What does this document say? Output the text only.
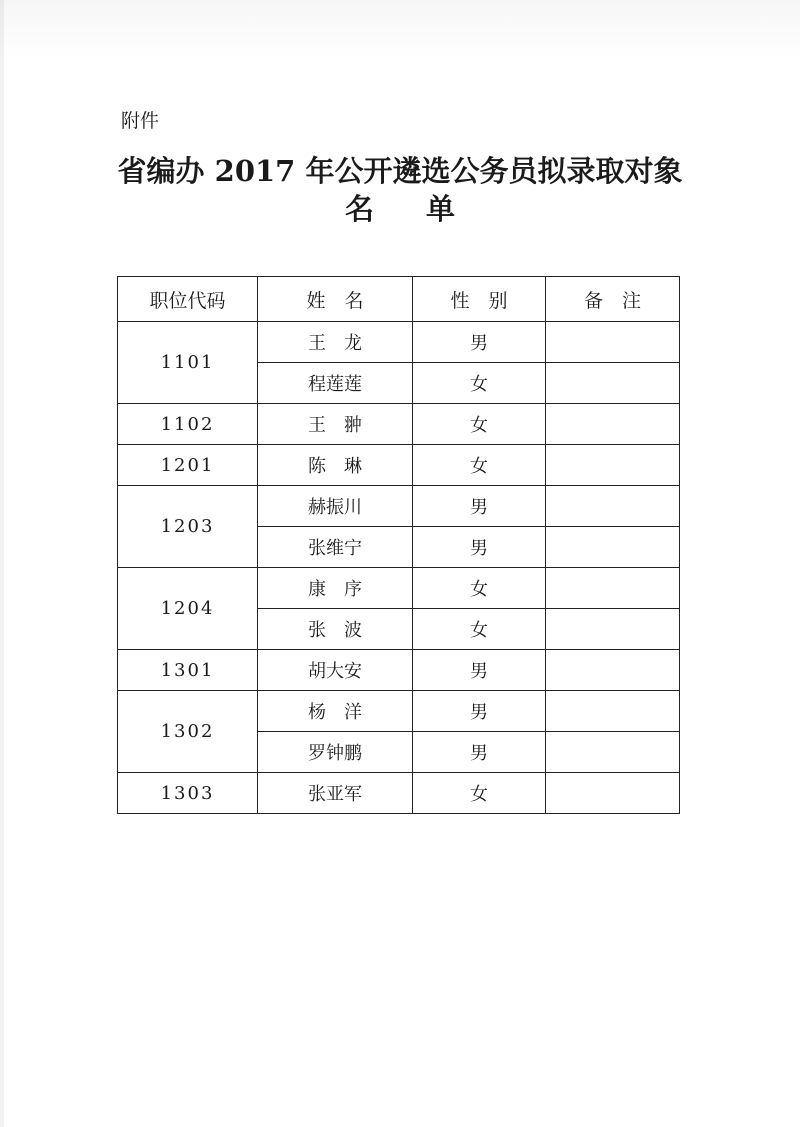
附件
省编办 2017 年公开遴选公务员拟录取对象
名单
职位代码	姓　名	性　别	备　注
1101	王　龙	男	
	程莲莲	女	
1102	王　翀	女	
1201	陈　琳	女	
1203	赫振川	男	
	张维宁	男	
1204	康　序	女	
	张　波	女	
1301	胡大安	男	
1302	杨　洋	男	
	罗钟鹏	男	
1303	张亚军	女	
